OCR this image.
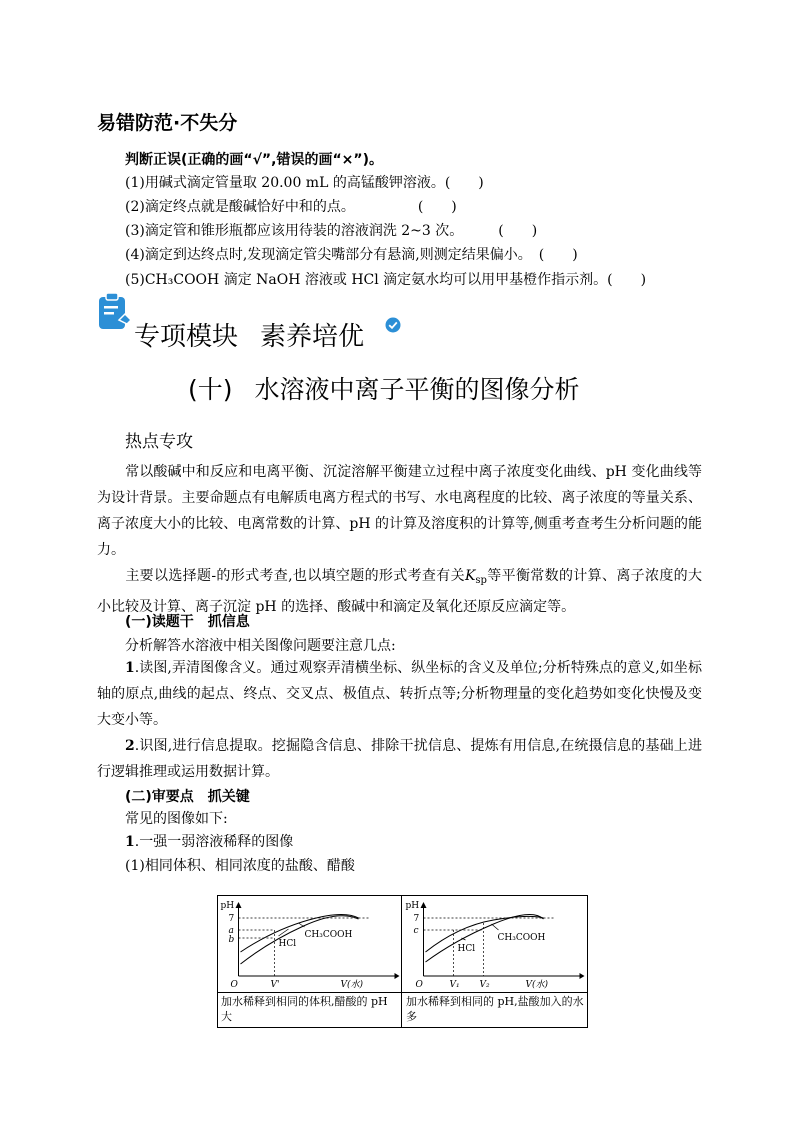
易错防范·不失分
判断正误(正确的画“√”,错误的画“×”)。
(1)用碱式滴定管量取 20.00 mL 的高锰酸钾溶液。(　　)
(2)滴定终点就是酸碱恰好中和的点。　　　　　(　　)
(3)滴定管和锥形瓶都应该用待装的溶液润洗 2~3 次。　　　(　　)
(4)滴定到达终点时,发现滴定管尖嘴部分有悬滴,则测定结果偏小。　(　　)
(5)CH₃COOH 滴定 NaOH 溶液或 HCl 滴定氨水均可以用甲基橙作指示剂。(　　)
专项模块 素养培优
(十) 水溶液中离子平衡的图像分析
热点专攻
常以酸碱中和反应和电离平衡、沉淀溶解平衡建立过程中离子浓度变化曲线、pH 变化曲线等为设计背景。主要命题点有电解质电离方程式的书写、水电离程度的比较、离子浓度的等量关系、离子浓度大小的比较、电离常数的计算、pH 的计算及溶度积的计算等,侧重考查考生分析问题的能力。
主要以选择题-的形式考查,也以填空题的形式考查有关$K_{sp}$等平衡常数的计算、离子浓度的大小比较及计算、离子沉淀 pH 的选择、酸碱中和滴定及氧化还原反应滴定等。
(一)读题干 抓信息
分析解答水溶液中相关图像问题要注意几点:
1.读图,弄清图像含义。通过观察弄清横坐标、纵坐标的含义及单位;分析特殊点的意义,如坐标轴的原点,曲线的起点、终点、交叉点、极值点、转折点等;分析物理量的变化趋势如变化快慢及变大变小等。
2.识图,进行信息提取。挖掘隐含信息、排除干扰信息、提炼有用信息,在统摄信息的基础上进行逻辑推理或运用数据计算。
(二)审要点 抓关键
常见的图像如下:
1.一强一弱溶液稀释的图像
(1)相同体积、相同浓度的盐酸、醋酸
pH
7
a
b
O	V'	V(水)
HCl
CH₃COOH
加水稀释到相同的体积,醋酸的 pH 大
pH
7
c
O	V₁ V₂	V(水)
HCl
CH₃COOH
加水稀释到相同的 pH,盐酸加入的水多
